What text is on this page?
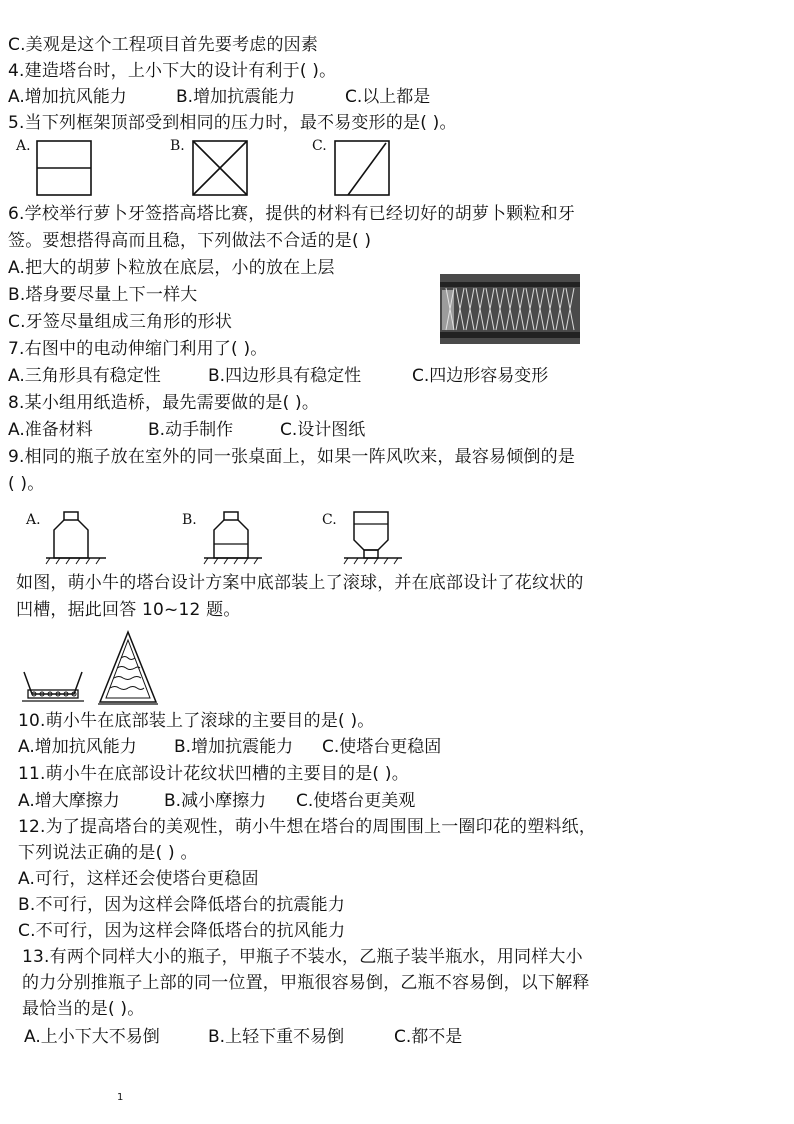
C.美观是这个工程项目首先要考虑的因素
4.建造塔台时，上小下大的设计有利于( )。
A.增加抗风能力	B.增加抗震能力	C.以上都是
5.当下列框架顶部受到相同的压力时，最不易变形的是( )。
A.	B.	C.
6.学校举行萝卜牙签搭高塔比赛，提供的材料有已经切好的胡萝卜颗粒和牙
签。要想搭得高而且稳，下列做法不合适的是( )
A.把大的胡萝卜粒放在底层，小的放在上层
B.塔身要尽量上下一样大
C.牙签尽量组成三角形的形状
7.右图中的电动伸缩门利用了( )。
A.三角形具有稳定性	B.四边形具有稳定性	C.四边形容易变形
8.某小组用纸造桥，最先需要做的是( )。
A.准备材料	B.动手制作	C.设计图纸
9.相同的瓶子放在室外的同一张桌面上，如果一阵风吹来，最容易倾倒的是
( )。
A.	B.	C.
如图，萌小牛的塔台设计方案中底部装上了滚球，并在底部设计了花纹状的
凹槽，据此回答 10~12 题。
10.萌小牛在底部装上了滚球的主要目的是( )。
A.增加抗风能力 B.增加抗震能力 C.使塔台更稳固
11.萌小牛在底部设计花纹状凹槽的主要目的是( )。
A.增大摩擦力	B.减小摩擦力 C.使塔台更美观
12.为了提高塔台的美观性，萌小牛想在塔台的周围围上一圈印花的塑料纸，
下列说法正确的是( ) 。
A.可行，这样还会使塔台更稳固
B.不可行，因为这样会降低塔台的抗震能力
C.不可行，因为这样会降低塔台的抗风能力
13.有两个同样大小的瓶子，甲瓶子不装水，乙瓶子装半瓶水，用同样大小
的力分别推瓶子上部的同一位置，甲瓶很容易倒，乙瓶不容易倒，以下解释
最恰当的是( )。
A.上小下大不易倒	B.上轻下重不易倒	C.都不是
1
